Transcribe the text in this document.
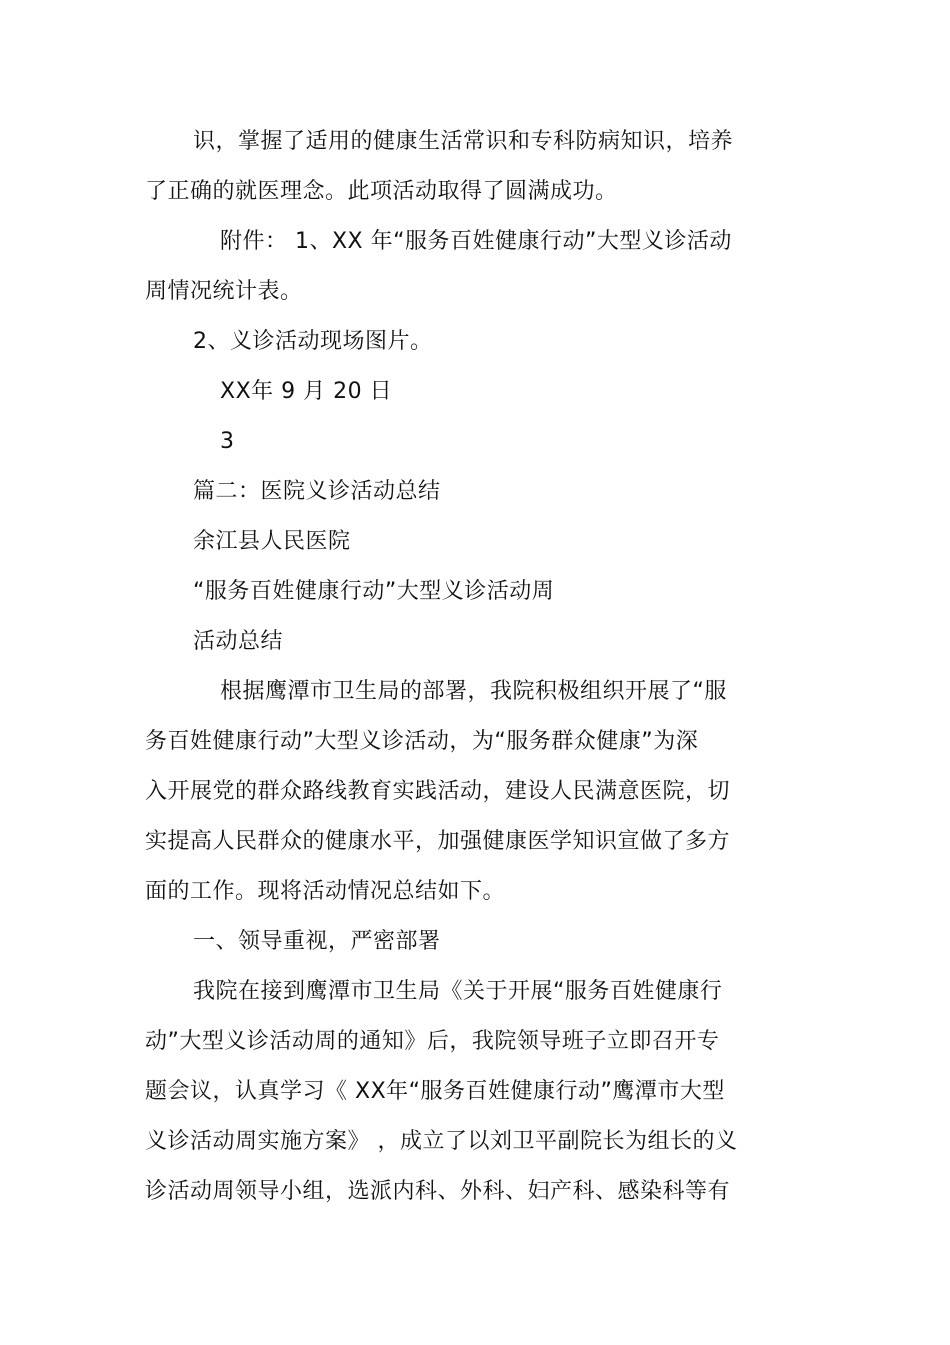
识，掌握了适用的健康生活常识和专科防病知识，培养
了正确的就医理念。此项活动取得了圆满成功。
附件： 1、XX 年“服务百姓健康行动”大型义诊活动
周情况统计表。
2、义诊活动现场图片。
XX年 9 月 20 日
3
篇二：医院义诊活动总结
余江县人民医院
“服务百姓健康行动”大型义诊活动周
活动总结
根据鹰潭市卫生局的部署，我院积极组织开展了“服
务百姓健康行动”大型义诊活动，为“服务群众健康”为深
入开展党的群众路线教育实践活动，建设人民满意医院，切
实提高人民群众的健康水平，加强健康医学知识宣做了多方
面的工作。现将活动情况总结如下。
一、领导重视，严密部署
我院在接到鹰潭市卫生局《关于开展“服务百姓健康行
动”大型义诊活动周的通知》后，我院领导班子立即召开专
题会议，认真学习《 XX年“服务百姓健康行动”鹰潭市大型
义诊活动周实施方案》 ，成立了以刘卫平副院长为组长的义
诊活动周领导小组，选派内科、外科、妇产科、感染科等有
